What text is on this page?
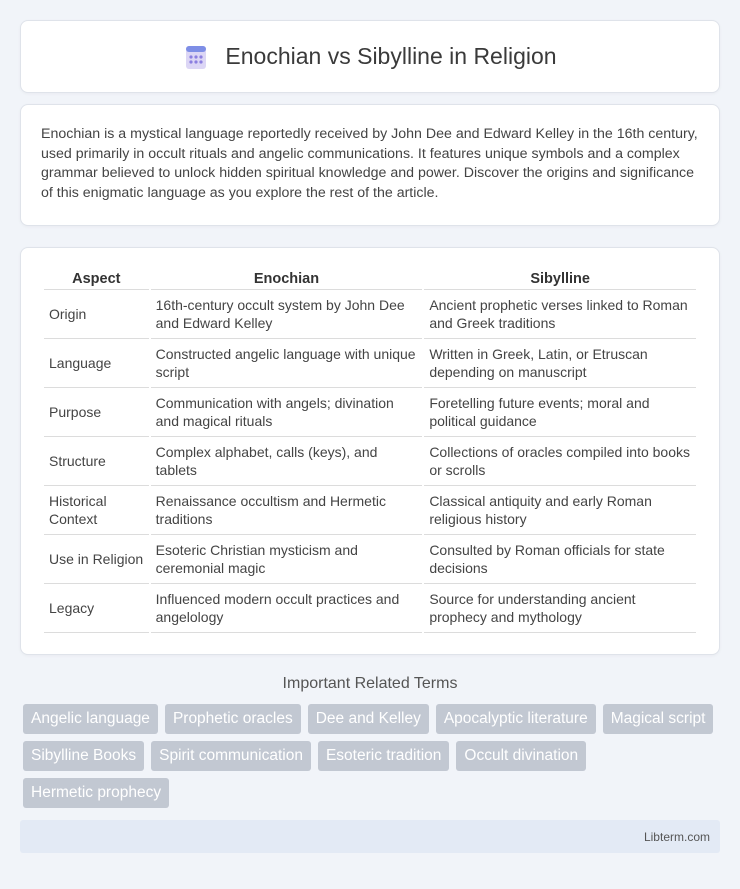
Enochian vs Sibylline in Religion

Enochian is a mystical language reportedly received by John Dee and Edward Kelley in the 16th century, used primarily in occult rituals and angelic communications. It features unique symbols and a complex grammar believed to unlock hidden spiritual knowledge and power. Discover the origins and significance of this enigmatic language as you explore the rest of the article.

Aspect	Enochian	Sibylline
Origin	16th-century occult system by John Dee and Edward Kelley	Ancient prophetic verses linked to Roman and Greek traditions
Language	Constructed angelic language with unique script	Written in Greek, Latin, or Etruscan depending on manuscript
Purpose	Communication with angels; divination and magical rituals	Foretelling future events; moral and political guidance
Structure	Complex alphabet, calls (keys), and tablets	Collections of oracles compiled into books or scrolls
Historical Context	Renaissance occultism and Hermetic traditions	Classical antiquity and early Roman religious history
Use in Religion	Esoteric Christian mysticism and ceremonial magic	Consulted by Roman officials for state decisions
Legacy	Influenced modern occult practices and angelology	Source for understanding ancient prophecy and mythology
Important Related Terms
Angelic language	Prophetic oracles	Dee and Kelley	Apocalyptic literature	Magical script
Sibylline Books	Spirit communication	Esoteric tradition	Occult divination
Hermetic prophecy
Libterm.com
